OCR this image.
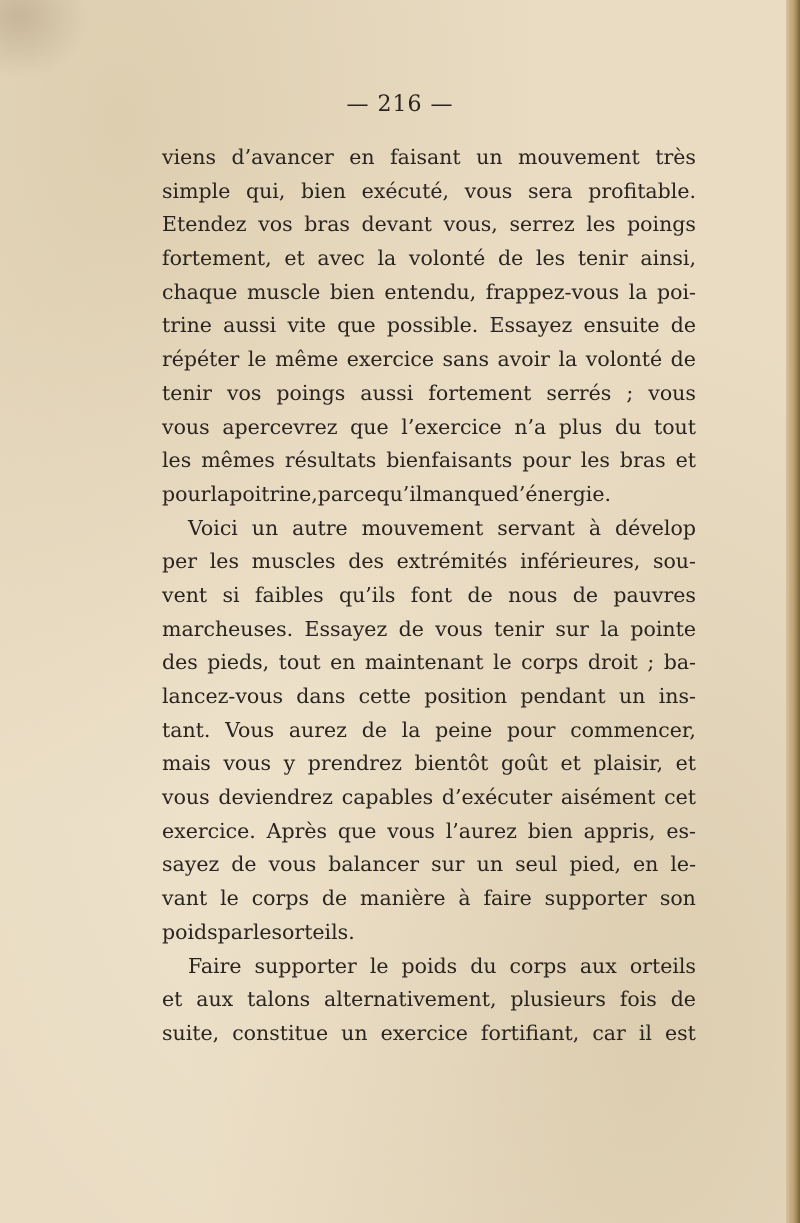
— 216 —
viens d’avancer en faisant un mouvement très
simple qui, bien exécuté, vous sera profitable.
Etendez vos bras devant vous, serrez les poings
fortement, et avec la volonté de les tenir ainsi,
chaque muscle bien entendu, frappez-vous la poi-
trine aussi vite que possible. Essayez ensuite de
répéter le même exercice sans avoir la volonté de
tenir vos poings aussi fortement serrés ; vous
vous apercevrez que l’exercice n’a plus du tout
les mêmes résultats bienfaisants pour les bras et
pour la poitrine, parce qu’il manque d’énergie.
Voici un autre mouvement servant à dévelop
per les muscles des extrémités inférieures, sou-
vent si faibles qu’ils font de nous de pauvres
marcheuses. Essayez de vous tenir sur la pointe
des pieds, tout en maintenant le corps droit ; ba-
lancez-vous dans cette position pendant un ins-
tant. Vous aurez de la peine pour commencer,
mais vous y prendrez bientôt goût et plaisir, et
vous deviendrez capables d’exécuter aisément cet
exercice. Après que vous l’aurez bien appris, es-
sayez de vous balancer sur un seul pied, en le-
vant le corps de manière à faire supporter son
poids par les orteils.
Faire supporter le poids du corps aux orteils
et aux talons alternativement, plusieurs fois de
suite, constitue un exercice fortifiant, car il est
